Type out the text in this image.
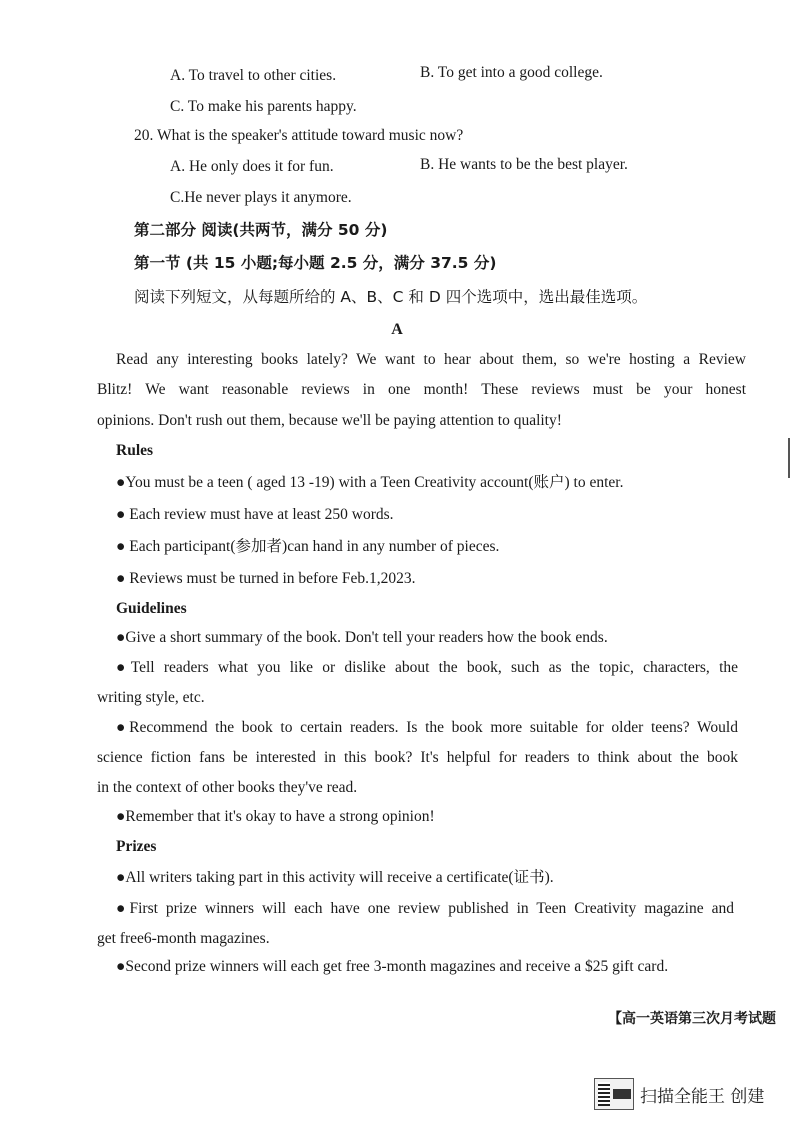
A. To travel to other cities.	B. To get into a good college.
C. To make his parents happy.
20. What is the speaker's attitude toward music now?
A. He only does it for fun.	B. He wants to be the best player.
C.He never plays it anymore.
第二部分 阅读(共两节，满分 50 分)
第一节 (共 15 小题;每小题 2.5 分，满分 37.5 分)
阅读下列短文，从每题所给的 A、B、C 和 D 四个选项中，选出最佳选项。
A
Read any interesting books lately? We want to hear about them, so we're hosting a Review
Blitz! We want reasonable reviews in one month! These reviews must be your honest
opinions. Don't rush out them, because we'll be paying attention to quality!
Rules
●You must be a teen ( aged 13 -19) with a Teen Creativity account(账户) to enter.
● Each review must have at least 250 words.
● Each participant(参加者)can hand in any number of pieces.
● Reviews must be turned in before Feb.1,2023.
Guidelines
●Give a short summary of the book. Don't tell your readers how the book ends.
●Tell readers what you like or dislike about the book, such as the topic, characters, the
writing style, etc.
●Recommend the book to certain readers. Is the book more suitable for older teens? Would
science fiction fans be interested in this book? It's helpful for readers to think about the book
in the context of other books they've read.
●Remember that it's okay to have a strong opinion!
Prizes
●All writers taking part in this activity will receive a certificate(证书).
●First prize winners will each have one review published in Teen Creativity magazine and
get free6-month magazines.
●Second prize winners will each get free 3-month magazines and receive a $25 gift card.
【高一英语第三次月考试题
扫描全能王 创建
